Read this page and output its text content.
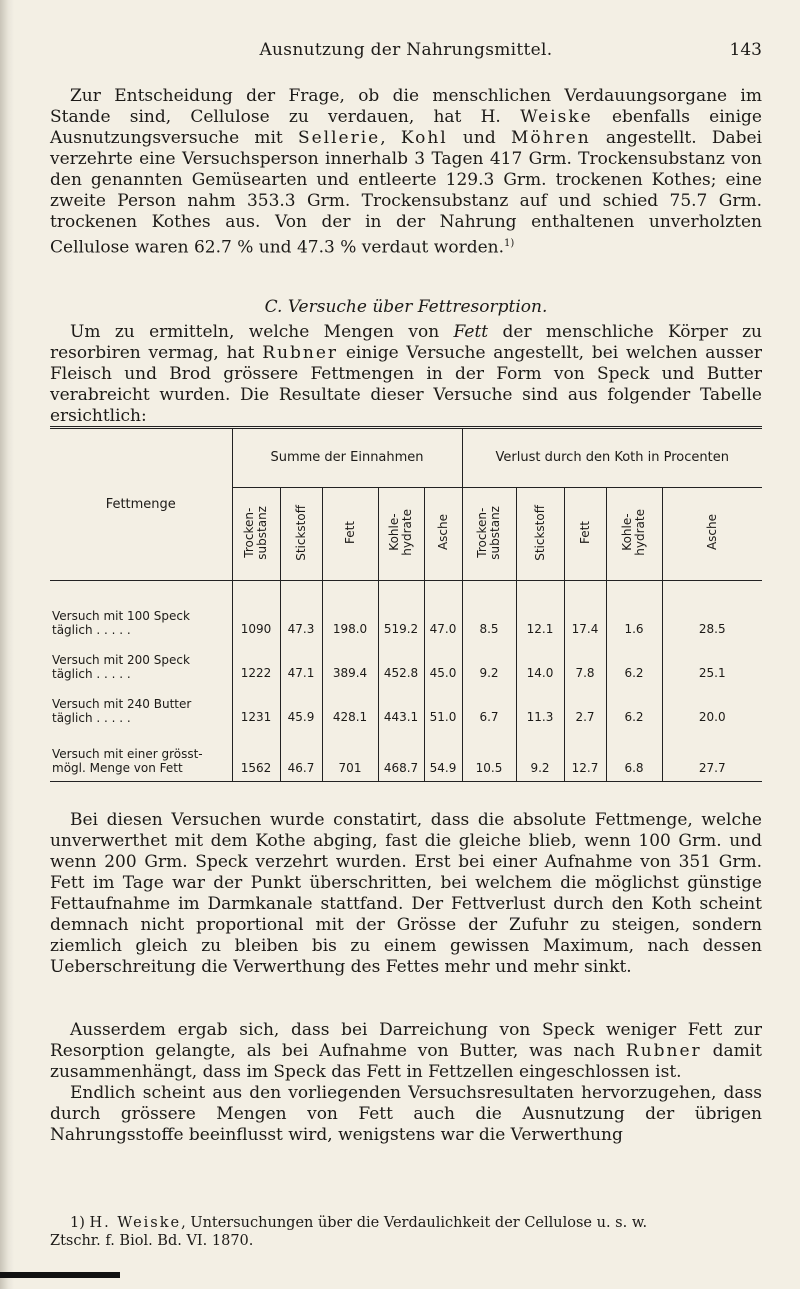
Ausnutzung der Nahrungsmittel.	143

Zur Entscheidung der Frage, ob die menschlichen Verdauungsorgane im Stande sind, Cellulose zu verdauen, hat H. Weiske ebenfalls einige Ausnutzungsversuche mit Sellerie, Kohl und Möhren angestellt. Dabei verzehrte eine Versuchsperson innerhalb 3 Tagen 417 Grm. Trockensubstanz von den genannten Gemüsearten und entleerte 129.3 Grm. trockenen Kothes; eine zweite Person nahm 353.3 Grm. Trockensubstanz auf und schied 75.7 Grm. trockenen Kothes aus. Von der in der Nahrung enthaltenen unverholzten Cellulose waren 62.7 % und 47.3 % verdaut worden.$^{1)}$

C. Versuche über Fettresorption.

Um zu ermitteln, welche Mengen von Fett der menschliche Körper zu resorbiren vermag, hat Rubner einige Versuche angestellt, bei welchen ausser Fleisch und Brod grössere Fettmengen in der Form von Speck und Butter verabreicht wurden. Die Resultate dieser Versuche sind aus folgender Tabelle ersichtlich:

Fettmenge	Summe der Einnahmen					Verlust durch den Koth in Procenten				
	Trocken-
substanz	Stickstoff	Fett	Kohle-
hydrate	Asche	Trocken-
substanz	Stickstoff	Fett	Kohle-
hydrate	Asche

Versuch mit 100 Speck
täglich . . . . .	1090	47.3	198.0	519.2	47.0	8.5	12.1	17.4	1.6	28.5

Versuch mit 200 Speck
täglich . . . . .	1222	47.1	389.4	452.8	45.0	9.2	14.0	7.8	6.2	25.1

Versuch mit 240 Butter
täglich . . . . .	1231	45.9	428.1	443.1	51.0	6.7	11.3	2.7	6.2	20.0

Versuch mit einer grösst-
mögl. Menge von Fett	1562	46.7	701	468.7	54.9	10.5	9.2	12.7	6.8	27.7

Bei diesen Versuchen wurde constatirt, dass die absolute Fettmenge, welche unverwerthet mit dem Kothe abging, fast die gleiche blieb, wenn 100 Grm. und wenn 200 Grm. Speck verzehrt wurden. Erst bei einer Aufnahme von 351 Grm. Fett im Tage war der Punkt überschritten, bei welchem die möglichst günstige Fettaufnahme im Darmkanale stattfand. Der Fettverlust durch den Koth scheint demnach nicht proportional mit der Grösse der Zufuhr zu steigen, sondern ziemlich gleich zu bleiben bis zu einem gewissen Maximum, nach dessen Ueberschreitung die Verwerthung des Fettes mehr und mehr sinkt.

Ausserdem ergab sich, dass bei Darreichung von Speck weniger Fett zur Resorption gelangte, als bei Aufnahme von Butter, was nach Rubner damit zusammenhängt, dass im Speck das Fett in Fettzellen eingeschlossen ist.

Endlich scheint aus den vorliegenden Versuchsresultaten hervorzugehen, dass durch grössere Mengen von Fett auch die Ausnutzung der übrigen Nahrungsstoffe beeinflusst wird, wenigstens war die Verwerthung

1) H. Weiske, Untersuchungen über die Verdaulichkeit der Cellulose u. s. w.
Ztschr. f. Biol. Bd. VI. 1870.
